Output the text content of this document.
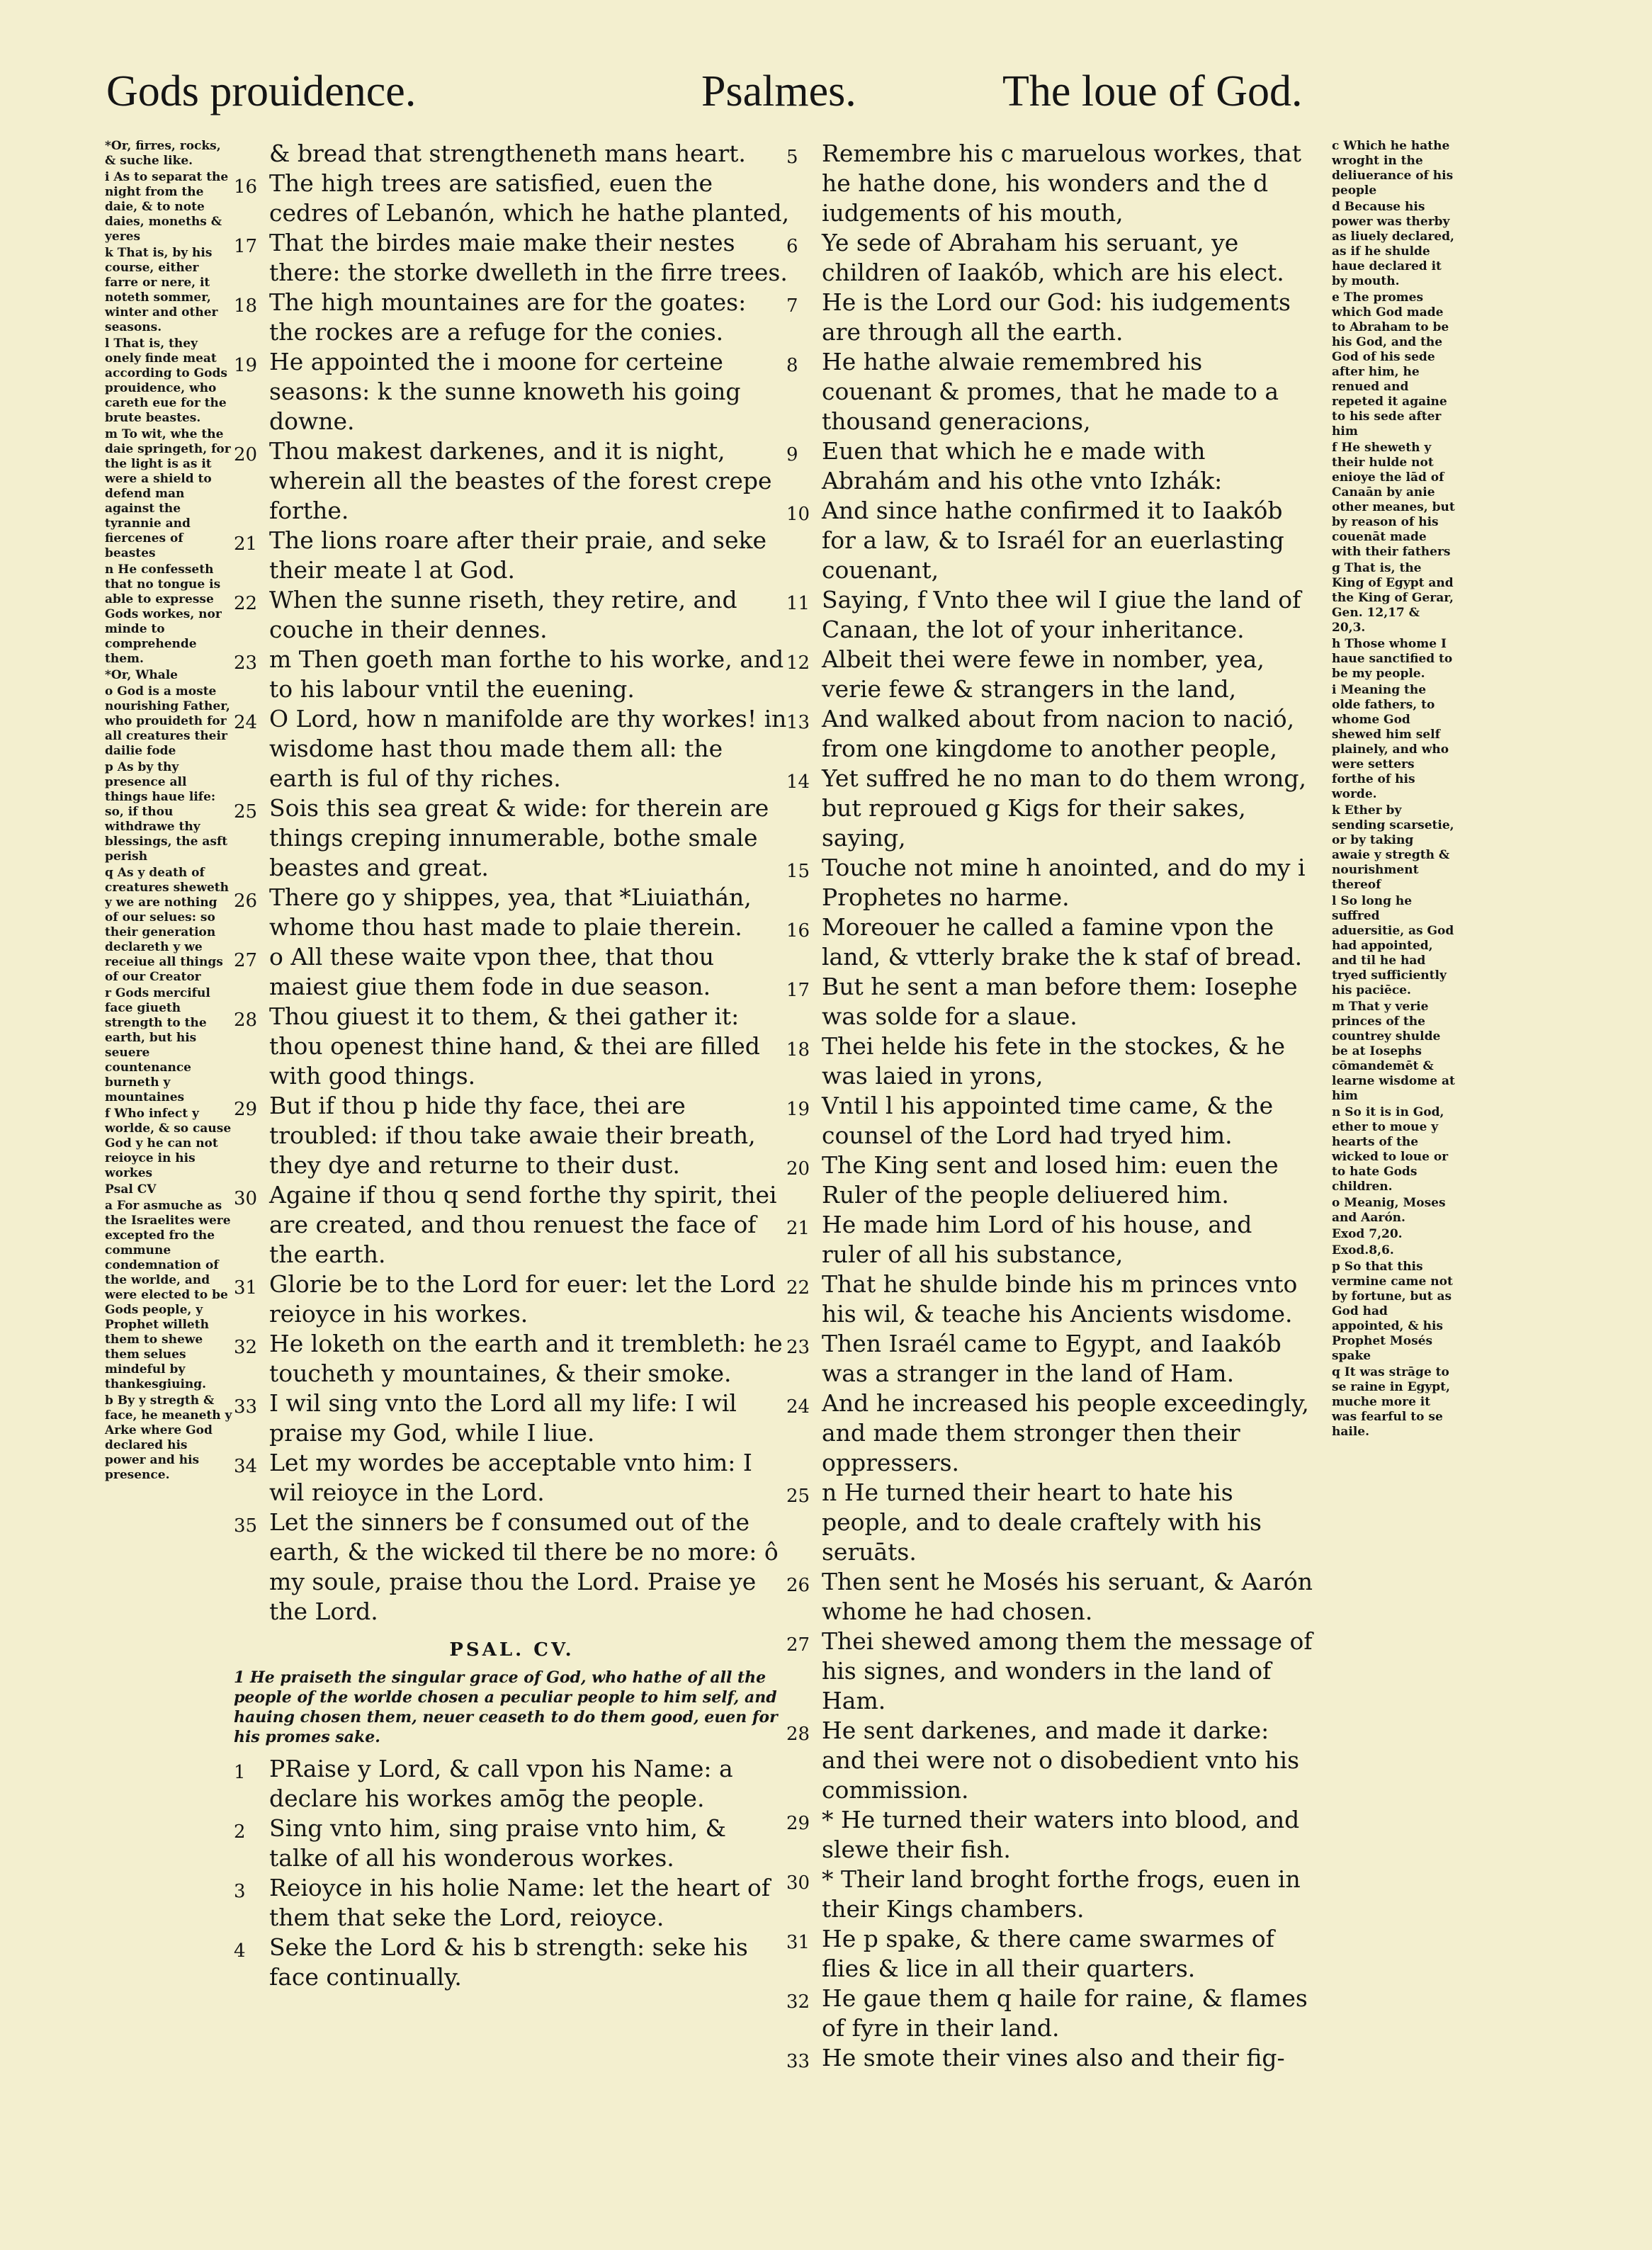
Gods prouidence.	Psalmes.	The loue of God.
*Or, firres, rocks, & suche like.
i As to separat the night from the daie, & to note daies, moneths & yeres
k That is, by his course, either farre or nere, it noteth sommer, winter and other seasons.
l That is, they onely finde meat according to Gods prouidence, who careth eue for the brute beastes.
m To wit, whe the daie springeth, for the light is as it were a shield to defend man against the tyrannie and fiercenes of beastes
n He confesseth that no tongue is able to expresse Gods workes, nor minde to comprehende them.
*Or, Whale
o God is a moste nourishing Father, who prouideth for all creatures their dailie fode
p As by thy presence all things haue life: so, if thou withdrawe thy blessings, the asft perish
q As y death of creatures sheweth y we are nothing of our selues: so their generation declareth y we receiue all things of our Creator
r Gods merciful face giueth strength to the earth, but his seuere countenance burneth y mountaines
f Who infect y worlde, & so cause God y he can not reioyce in his workes
Psal CV
a For asmuche as the Israelites were excepted fro the commune condemnation of the worlde, and were elected to be Gods people, y Prophet willeth them to shewe them selues mindeful by thankesgiuing.
b By y stregth & face, he meaneth y Arke where God declared his power and his presence.
& bread that strengtheneth mans heart.
16 The high trees are satisfied, euen the cedres of Lebanón, which he hathe planted,
17 That the birdes maie make their nestes there: the storke dwelleth in the firre trees.
18 The high mountaines are for the goates: the rockes are a refuge for the conies.
19 He appointed the i moone for certeine seasons: k the sunne knoweth his going downe.
20 Thou makest darkenes, and it is night, wherein all the beastes of the forest crepe forthe.
21 The lions roare after their praie, and seke their meate l at God.
22 When the sunne riseth, they retire, and couche in their dennes.
23 m Then goeth man forthe to his worke, and to his labour vntil the euening.
24 O Lord, how n manifolde are thy workes! in wisdome hast thou made them all: the earth is ful of thy riches.
25 Sois this sea great & wide: for therein are things creping innumerable, bothe smale beastes and great.
26 There go y shippes, yea, that *Liuiathán, whome thou hast made to plaie therein.
27 o All these waite vpon thee, that thou maiest giue them fode in due season.
28 Thou giuest it to them, & thei gather it: thou openest thine hand, & thei are filled with good things.
29 But if thou p hide thy face, thei are troubled: if thou take awaie their breath, they dye and returne to their dust.
30 Againe if thou q send forthe thy spirit, thei are created, and thou renuest the face of the earth.
31 Glorie be to the Lord for euer: let the Lord reioyce in his workes.
32 He loketh on the earth and it trembleth: he toucheth y mountaines, & their smoke.
33 I wil sing vnto the Lord all my life: I wil praise my God, while I liue.
34 Let my wordes be acceptable vnto him: I wil reioyce in the Lord.
35 Let the sinners be f consumed out of the earth, & the wicked til there be no more: ô my soule, praise thou the Lord. Praise ye the Lord.
PSAL. CV.
1 He praiseth the singular grace of God, who hathe of all the people of the worlde chosen a peculiar people to him self, and hauing chosen them, neuer ceaseth to do them good, euen for his promes sake.
1	PRaise y Lord, & call vpon his Name: a declare his workes amōg the people.
2	Sing vnto him, sing praise vnto him, & talke of all his wonderous workes.
3	Reioyce in his holie Name: let the heart of them that seke the Lord, reioyce.
4	Seke the Lord & his b strength: seke his face continually.
5	Remembre his c maruelous workes, that he hathe done, his wonders and the d iudgements of his mouth,
6	Ye sede of Abraham his seruant, ye children of Iaakób, which are his elect.
7	He is the Lord our God: his iudgements are through all the earth.
8	He hathe alwaie remembred his couenant & promes, that he made to a thousand generacions,
9	Euen that which he e made with Abrahám and his othe vnto Izhák:
10 And since hathe confirmed it to Iaakób for a law, & to Israél for an euerlasting couenant,
11 Saying, f Vnto thee wil I giue the land of Canaan, the lot of your inheritance.
12 Albeit thei were fewe in nomber, yea, verie fewe & strangers in the land,
13 And walked about from nacion to nació, from one kingdome to another people,
14 Yet suffred he no man to do them wrong, but reproued g Kigs for their sakes, saying,
15 Touche not mine h anointed, and do my i Prophetes no harme.
16 Moreouer he called a famine vpon the land, & vtterly brake the k staf of bread.
17 But he sent a man before them: Iosephe was solde for a slaue.
18 Thei helde his fete in the stockes, & he was laied in yrons,
19 Vntil l his appointed time came, & the counsel of the Lord had tryed him.
20 The King sent and losed him: euen the Ruler of the people deliuered him.
21 He made him Lord of his house, and ruler of all his substance,
22 That he shulde binde his m princes vnto his wil, & teache his Ancients wisdome.
23 Then Israél came to Egypt, and Iaakób was a stranger in the land of Ham.
24 And he increased his people exceedingly, and made them stronger then their oppressers.
25 n He turned their heart to hate his people, and to deale craftely with his seruāts.
26 Then sent he Mosés his seruant, & Aarón whome he had chosen.
27 Thei shewed among them the message of his signes, and wonders in the land of Ham.
28 He sent darkenes, and made it darke: and thei were not o disobedient vnto his commission.
29 * He turned their waters into blood, and slewe their fish.
30 * Their land broght forthe frogs, euen in their Kings chambers.
31 He p spake, & there came swarmes of flies & lice in all their quarters.
32 He gaue them q haile for raine, & flames of fyre in their land.
33 He smote their vines also and their fig-
c Which he hathe wroght in the deliuerance of his people
d Because his power was therby as liuely declared, as if he shulde haue declared it by mouth.
e The promes which God made to Abraham to be his God, and the God of his sede after him, he renued and repeted it againe to his sede after him
f He sheweth y their hulde not enioye the lād of Canaān by anie other meanes, but by reason of his couenāt made with their fathers
g That is, the King of Egypt and the King of Gerar, Gen. 12,17 & 20,3.
h Those whome I haue sanctified to be my people.
i Meaning the olde fathers, to whome God shewed him self plainely, and who were setters forthe of his worde.
k Ether by sending scarsetie, or by taking awaie y stregth & nourishment thereof
l So long he suffred aduersitie, as God had appointed, and til he had tryed sufficiently his paciēce.
m That y verie princes of the countrey shulde be at Iosephs cōmandemēt & learne wisdome at him
n So it is in God, ether to moue y hearts of the wicked to loue or to hate Gods children.
o Meanig, Moses and Aarón.
Exod 7,20.
Exod.8,6.
p So that this vermine came not by fortune, but as God had appointed, & his Prophet Mosés spake
q It was strāge to se raine in Egypt, muche more it was fearful to se haile.
